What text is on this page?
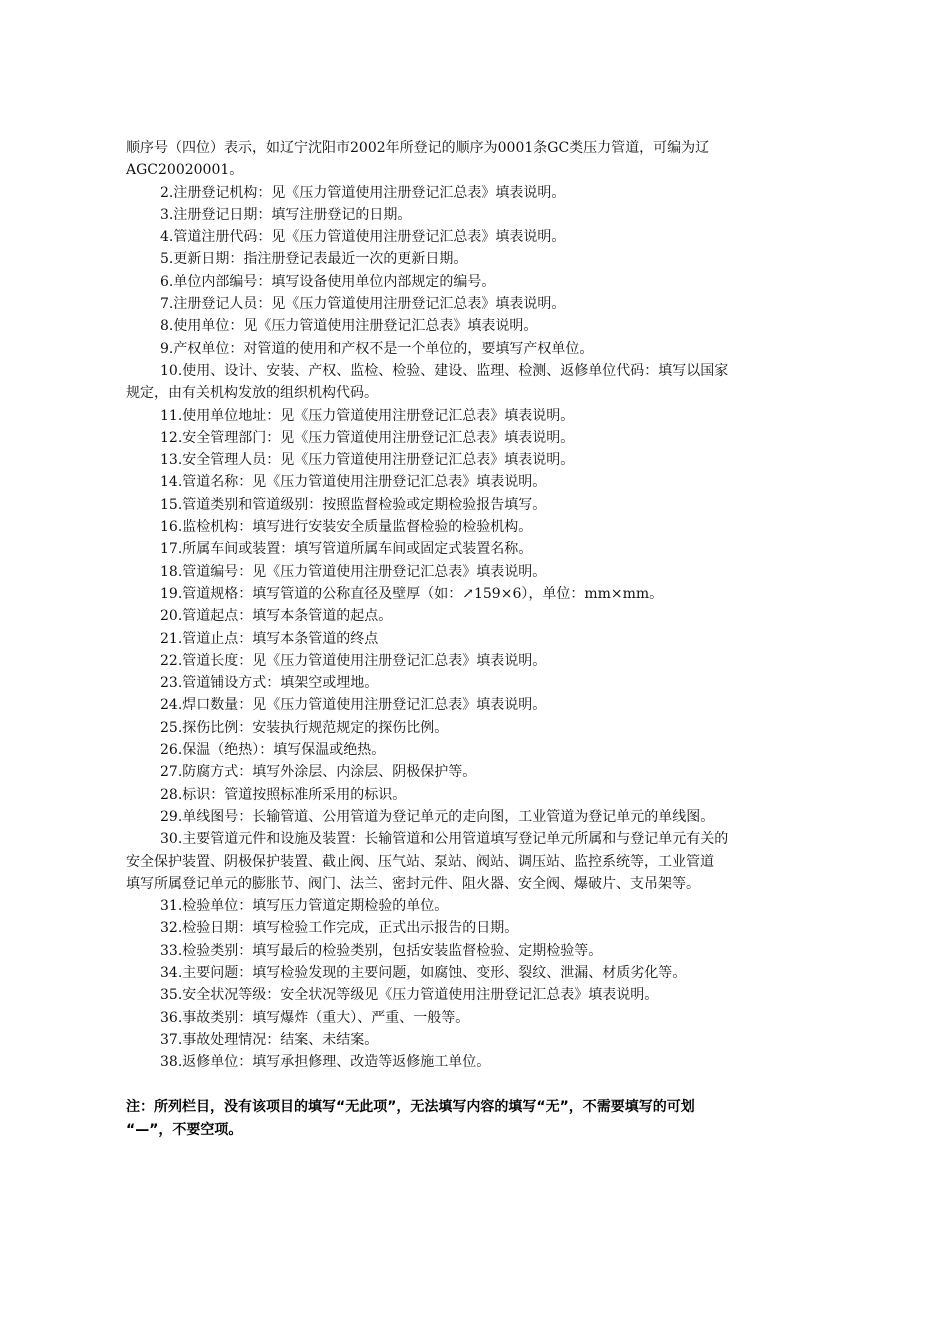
顺序号（四位）表示，如辽宁沈阳市2002年所登记的顺序为0001条GC类压力管道，可编为辽
AGC20020001。
2.注册登记机构：见《压力管道使用注册登记汇总表》填表说明。
3.注册登记日期：填写注册登记的日期。
4.管道注册代码：见《压力管道使用注册登记汇总表》填表说明。
5.更新日期：指注册登记表最近一次的更新日期。
6.单位内部编号：填写设备使用单位内部规定的编号。
7.注册登记人员：见《压力管道使用注册登记汇总表》填表说明。
8.使用单位：见《压力管道使用注册登记汇总表》填表说明。
9.产权单位：对管道的使用和产权不是一个单位的，要填写产权单位。
10.使用、设计、安装、产权、监检、检验、建设、监理、检测、返修单位代码：填写以国家
规定，由有关机构发放的组织机构代码。
11.使用单位地址：见《压力管道使用注册登记汇总表》填表说明。
12.安全管理部门：见《压力管道使用注册登记汇总表》填表说明。
13.安全管理人员：见《压力管道使用注册登记汇总表》填表说明。
14.管道名称：见《压力管道使用注册登记汇总表》填表说明。
15.管道类别和管道级别：按照监督检验或定期检验报告填写。
16.监检机构：填写进行安装安全质量监督检验的检验机构。
17.所属车间或装置：填写管道所属车间或固定式装置名称。
18.管道编号：见《压力管道使用注册登记汇总表》填表说明。
19.管道规格：填写管道的公称直径及壁厚（如：↗159×6），单位：mm×mm。
20.管道起点：填写本条管道的起点。
21.管道止点：填写本条管道的终点
22.管道长度：见《压力管道使用注册登记汇总表》填表说明。
23.管道铺设方式：填架空或埋地。
24.焊口数量：见《压力管道使用注册登记汇总表》填表说明。
25.探伤比例：安装执行规范规定的探伤比例。
26.保温（绝热）：填写保温或绝热。
27.防腐方式：填写外涂层、内涂层、阴极保护等。
28.标识：管道按照标准所采用的标识。
29.单线图号：长输管道、公用管道为登记单元的走向图，工业管道为登记单元的单线图。
30.主要管道元件和设施及装置：长输管道和公用管道填写登记单元所属和与登记单元有关的
安全保护装置、阴极保护装置、截止阀、压气站、泵站、阀站、调压站、监控系统等，工业管道
填写所属登记单元的膨胀节、阀门、法兰、密封元件、阻火器、安全阀、爆破片、支吊架等。
31.检验单位：填写压力管道定期检验的单位。
32.检验日期：填写检验工作完成，正式出示报告的日期。
33.检验类别：填写最后的检验类别，包括安装监督检验、定期检验等。
34.主要问题：填写检验发现的主要问题，如腐蚀、变形、裂纹、泄漏、材质劣化等。
35.安全状况等级：安全状况等级见《压力管道使用注册登记汇总表》填表说明。
36.事故类别：填写爆炸（重大）、严重、一般等。
37.事故处理情况：结案、未结案。
38.返修单位：填写承担修理、改造等返修施工单位。
注：所列栏目，没有该项目的填写“无此项”，无法填写内容的填写“无”，不需要填写的可划
“—”，不要空项。
